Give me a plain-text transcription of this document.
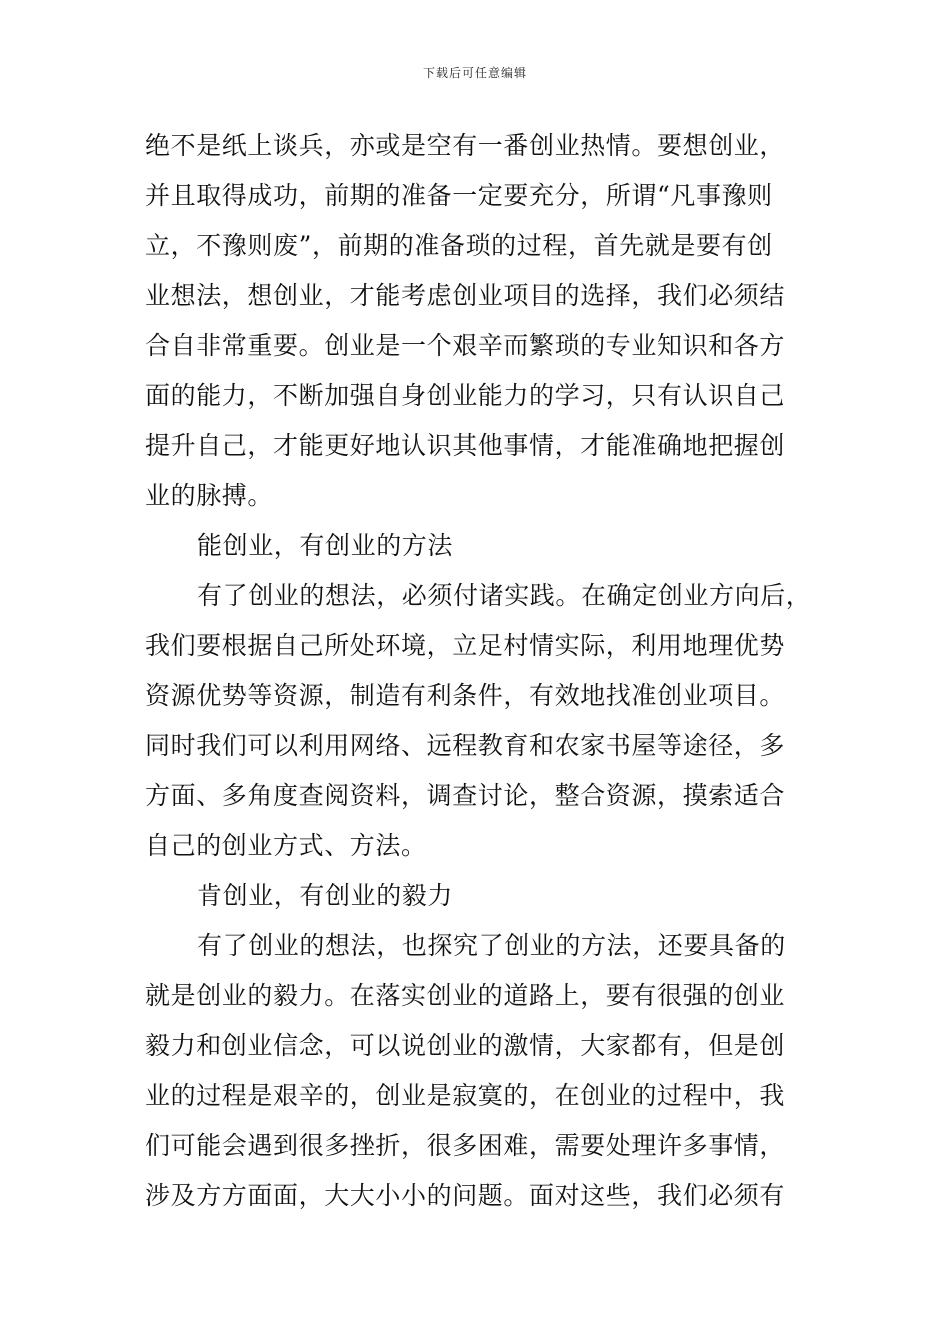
下载后可任意编辑
绝不是纸上谈兵，亦或是空有一番创业热情。要想创业，
并且取得成功，前期的准备一定要充分，所谓“凡事豫则
立，不豫则废”，前期的准备琐的过程，首先就是要有创
业想法，想创业，才能考虑创业项目的选择，我们必须结
合自非常重要。创业是一个艰辛而繁琐的专业知识和各方
面的能力，不断加强自身创业能力的学习，只有认识自己
提升自己，才能更好地认识其他事情，才能准确地把握创
业的脉搏。
能创业，有创业的方法
有了创业的想法，必须付诸实践。在确定创业方向后，
我们要根据自己所处环境，立足村情实际，利用地理优势
资源优势等资源，制造有利条件，有效地找准创业项目。
同时我们可以利用网络、远程教育和农家书屋等途径，多
方面、多角度查阅资料，调查讨论，整合资源，摸索适合
自己的创业方式、方法。
肯创业，有创业的毅力
有了创业的想法，也探究了创业的方法，还要具备的
就是创业的毅力。在落实创业的道路上，要有很强的创业
毅力和创业信念，可以说创业的激情，大家都有，但是创
业的过程是艰辛的，创业是寂寞的，在创业的过程中，我
们可能会遇到很多挫折，很多困难，需要处理许多事情，
涉及方方面面，大大小小的问题。面对这些，我们必须有
